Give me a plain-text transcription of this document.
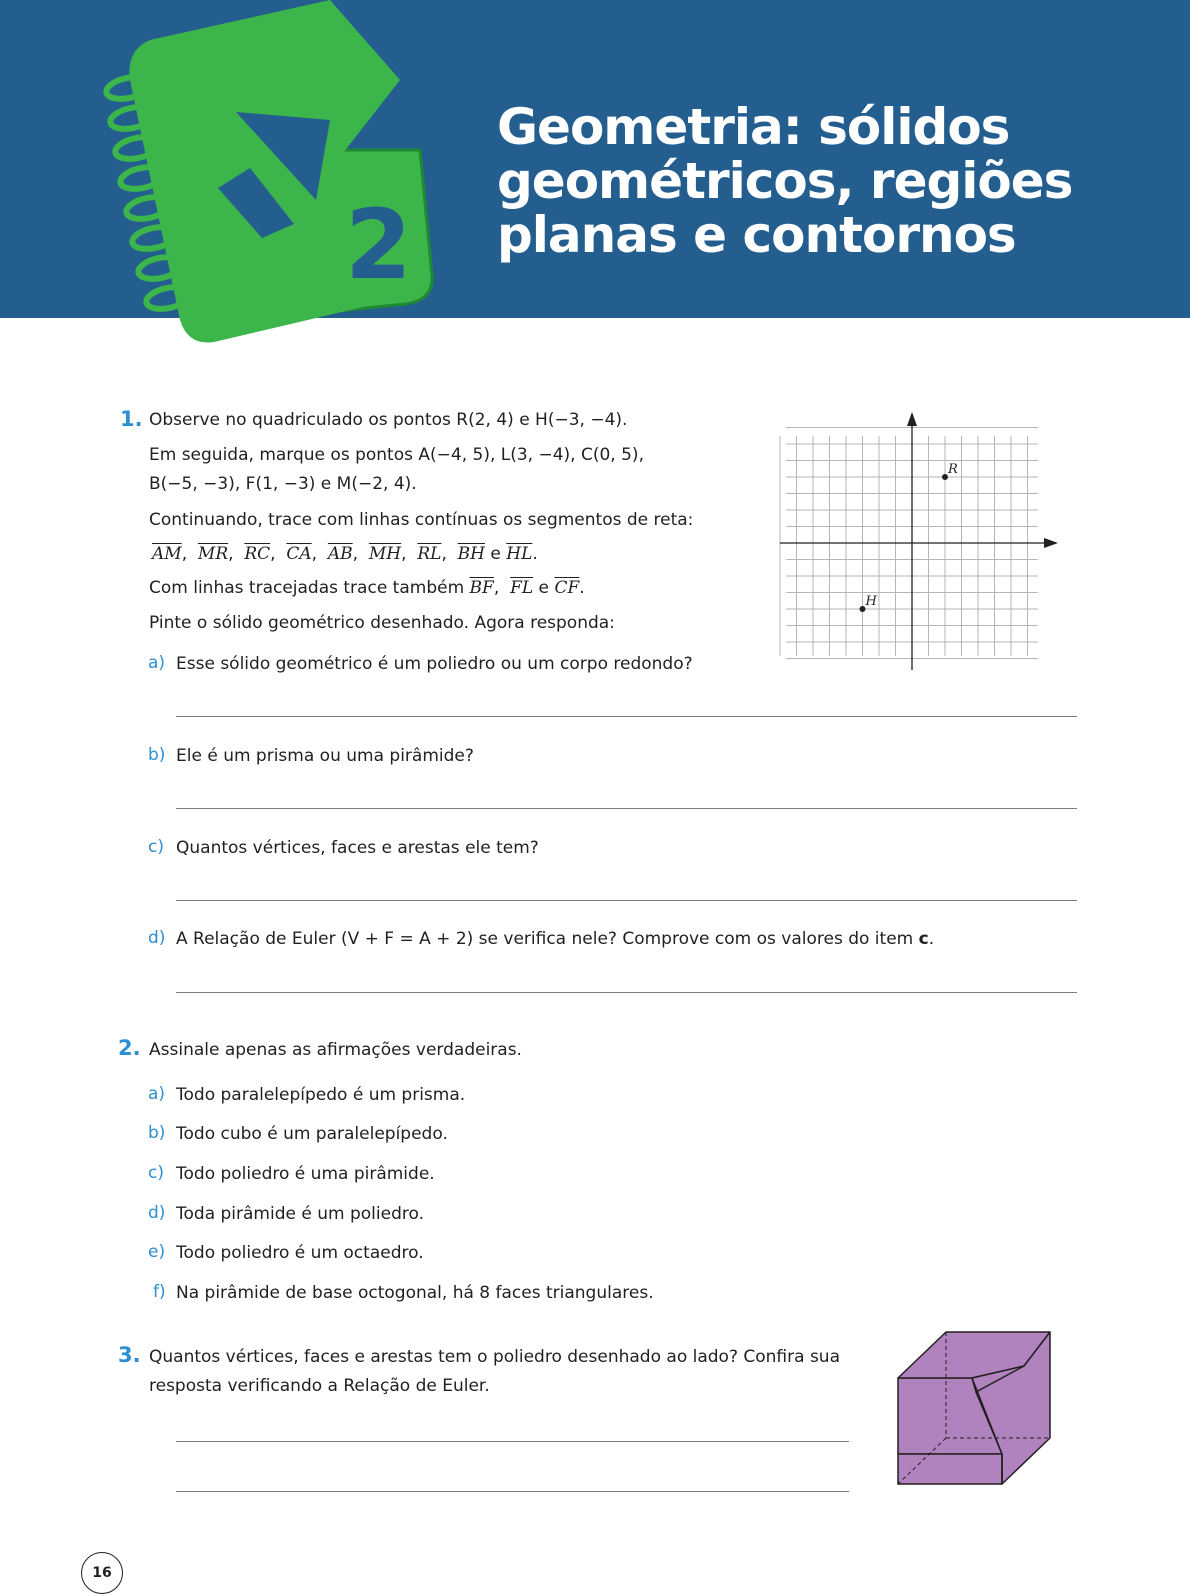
2
Geometria: sólidos
geométricos, regiões
planas e contornos
1. Observe no quadriculado os pontos R(2, 4) e H(−3, −4).
Em seguida, marque os pontos A(−4, 5), L(3, −4), C(0, 5),
B(−5, −3), F(1, −3) e M(−2, 4).
Continuando, trace com linhas contínuas os segmentos de reta:
$\overline{AM}$,  $\overline{MR}$,  $\overline{RC}$,  $\overline{CA}$,  $\overline{AB}$,  $\overline{MH}$,  $\overline{RL}$,  $\overline{BH}$ e $\overline{HL}$.
Com linhas tracejadas trace também $\overline{BF}$,  $\overline{FL}$ e $\overline{CF}$.
Pinte o sólido geométrico desenhado. Agora responda:
R
H
a) Esse sólido geométrico é um poliedro ou um corpo redondo?
b) Ele é um prisma ou uma pirâmide?
c) Quantos vértices, faces e arestas ele tem?
d) A Relação de Euler (V + F = A + 2) se verifica nele? Comprove com os valores do item c.
2. Assinale apenas as afirmações verdadeiras.
a) Todo paralelepípedo é um prisma.
b) Todo cubo é um paralelepípedo.
c) Todo poliedro é uma pirâmide.
d) Toda pirâmide é um poliedro.
e) Todo poliedro é um octaedro.
f) Na pirâmide de base octogonal, há 8 faces triangulares.
3. Quantos vértices, faces e arestas tem o poliedro desenhado ao lado? Confira sua
resposta verificando a Relação de Euler.
16
